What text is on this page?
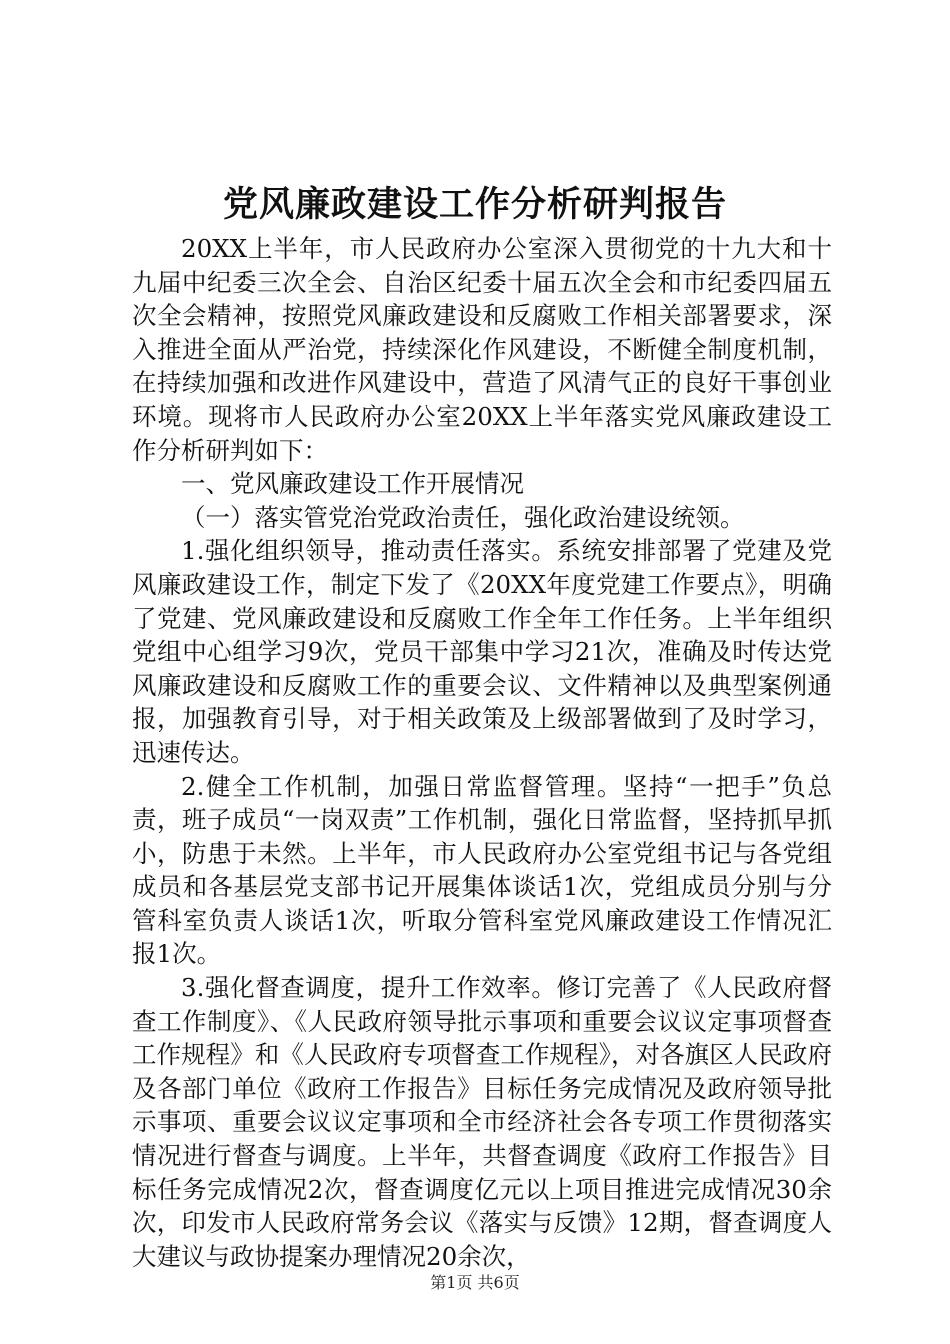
党风廉政建设工作分析研判报告

20XX上半年，市人民政府办公室深入贯彻党的十九大和十九届中纪委三次全会、自治区纪委十届五次全会和市纪委四届五次全会精神，按照党风廉政建设和反腐败工作相关部署要求，深入推进全面从严治党，持续深化作风建设，不断健全制度机制，在持续加强和改进作风建设中，营造了风清气正的良好干事创业环境。现将市人民政府办公室20XX上半年落实党风廉政建设工作分析研判如下：

一、党风廉政建设工作开展情况

（一）落实管党治党政治责任，强化政治建设统领。

1.强化组织领导，推动责任落实。系统安排部署了党建及党风廉政建设工作，制定下发了《20XX年度党建工作要点》，明确了党建、党风廉政建设和反腐败工作全年工作任务。上半年组织党组中心组学习9次，党员干部集中学习21次，准确及时传达党风廉政建设和反腐败工作的重要会议、文件精神以及典型案例通报，加强教育引导，对于相关政策及上级部署做到了及时学习，迅速传达。

2.健全工作机制，加强日常监督管理。坚持“一把手”负总责，班子成员“一岗双责”工作机制，强化日常监督，坚持抓早抓小，防患于未然。上半年，市人民政府办公室党组书记与各党组成员和各基层党支部书记开展集体谈话1次，党组成员分别与分管科室负责人谈话1次，听取分管科室党风廉政建设工作情况汇报1次。

3.强化督查调度，提升工作效率。修订完善了《人民政府督查工作制度》、《人民政府领导批示事项和重要会议议定事项督查工作规程》和《人民政府专项督查工作规程》，对各旗区人民政府及各部门单位《政府工作报告》目标任务完成情况及政府领导批示事项、重要会议议定事项和全市经济社会各专项工作贯彻落实情况进行督查与调度。上半年，共督查调度《政府工作报告》目标任务完成情况2次，督查调度亿元以上项目推进完成情况30余次，印发市人民政府常务会议《落实与反馈》12期，督查调度人大建议与政协提案办理情况20余次，

第1页 共6页
